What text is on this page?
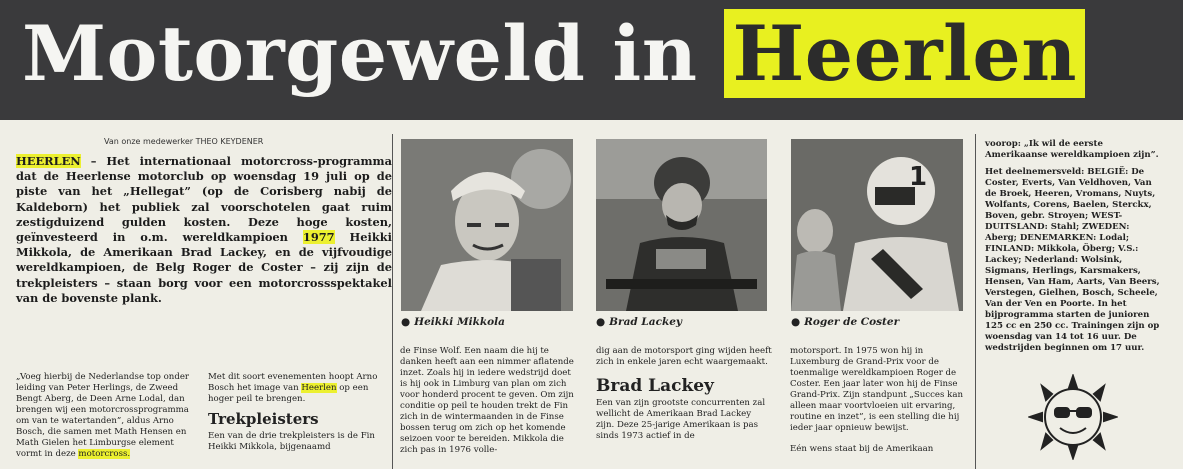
Motorgeweld in Heerlen
Van onze medewerker THEO KEYDENER
HEERLEN – Het internationaal motorcross-programma dat de Heerlense motorclub op woensdag 19 juli op de piste van het „Hellegat” (op de Corisberg nabij de Kaldeborn) het publiek zal voorschotelen gaat ruim zestigduizend gulden kosten. Deze hoge kosten, geïnvesteerd in o.m. wereldkampioen 1977 Heikki Mikkola, de Amerikaan Brad Lackey, en de vijfvoudige wereldkampioen, de Belg Roger de Coster – zij zijn de trekpleisters – staan borg voor een motorcrossspektakel van de bovenste plank.
1
● Heikki Mikkola	● Brad Lackey	● Roger de Coster
„Voeg hierbij de Nederlandse top onder leiding van Peter Herlings, de Zweed Bengt Aberg, de Deen Arne Lodal, dan brengen wij een motorcrossprogramma om van te watertanden”, aldus Arno Bosch, die samen met Math Hensen en Math Gielen het Limburgse element vormt in deze motorcross.

Met dit soort evenementen hoopt Arno Bosch het image van Heerlen op een hoger peil te brengen.

Trekpleisters

Een van de drie trekpleisters is de Fin Heikki Mikkola, bijgenaamd

de Finse Wolf. Een naam die hij te danken heeft aan een nimmer aflatende inzet. Zoals hij in iedere wedstrijd doet is hij ook in Limburg van plan om zich voor honderd procent te geven. Om zijn conditie op peil te houden trekt de Fin zich in de wintermaanden in de Finse bossen terug om zich op het komende seizoen voor te bereiden. Mikkola die zich pas in 1976 volle-

dig aan de motorsport ging wijden heeft zich in enkele jaren echt waargemaakt.

Brad Lackey

Een van zijn grootste concurrenten zal wellicht de Amerikaan Brad Lackey zijn. Deze 25-jarige Amerikaan is pas sinds 1973 actief in de

motorsport. In 1975 won hij in Luxemburg de Grand-Prix voor de toenmalige wereldkampioen Roger de Coster. Een jaar later won hij de Finse Grand-Prix. Zijn standpunt „Succes kan alleen maar voortvloeien uit ervaring, routine en inzet”, is een stelling die hij ieder jaar opnieuw bewijst.

Eén wens staat bij de Amerikaan

voorop: „Ik wil de eerste Amerikaanse wereldkampioen zijn”.

Het deelnemersveld: BELGIË: De Coster, Everts, Van Veldhoven, Van de Broek, Heeren, Vromans, Nuyts, Wolfants, Corens, Baelen, Sterckx, Boven, gebr. Stroyen; WEST-DUITSLAND: Stahl; ZWEDEN: Aberg; DENEMARKEN: Lodal; FINLAND: Mikkola, Öberg; V.S.: Lackey; Nederland: Wolsink, Sigmans, Herlings, Karsmakers, Hensen, Van Ham, Aarts, Van Beers, Verstegen, Gielhen, Bosch, Scheele, Van der Ven en Poorte. In het bijprogramma starten de junioren 125 cc en 250 cc. Trainingen zijn op woensdag van 14 tot 16 uur. De wedstrijden beginnen om 17 uur.
